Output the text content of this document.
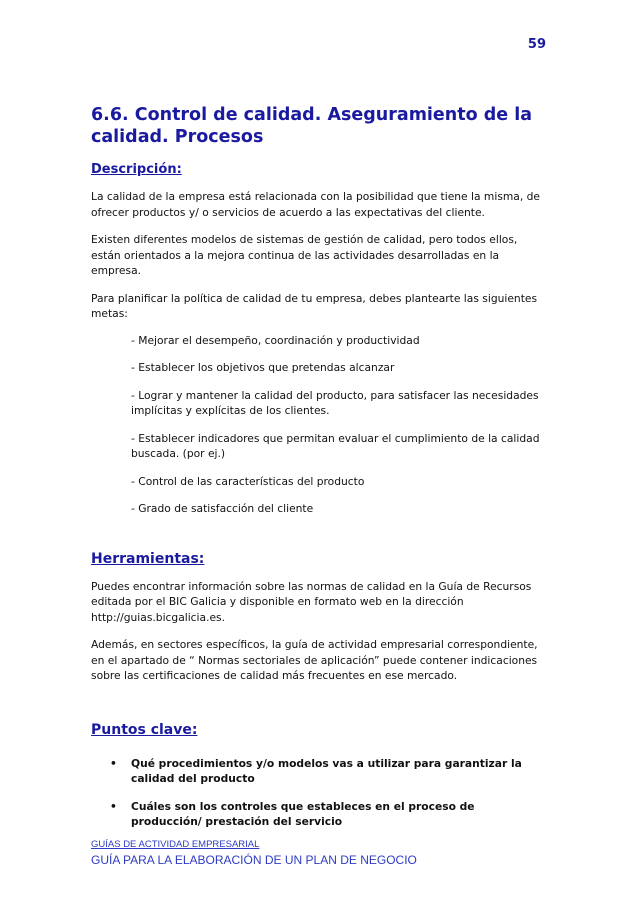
59
6.6. Control de calidad. Aseguramiento de la calidad. Procesos
Descripción:

La calidad de la empresa está relacionada con la posibilidad que tiene la misma, de ofrecer productos y/ o servicios de acuerdo a las expectativas del cliente.

Existen diferentes modelos de sistemas de gestión de calidad, pero todos ellos, están orientados a la mejora continua de las actividades desarrolladas en la empresa.

Para planificar la política de calidad de tu empresa, debes plantearte las siguientes metas:

- Mejorar el desempeño, coordinación y productividad

- Establecer los objetivos que pretendas alcanzar

- Lograr y mantener la calidad del producto, para satisfacer las necesidades implícitas y explícitas de los clientes.

- Establecer indicadores que permitan evaluar el cumplimiento de la calidad buscada. (por ej.)

- Control de las características del producto

- Grado de satisfacción del cliente

Herramientas:

Puedes encontrar información sobre las normas de calidad en la Guía de Recursos editada por el BIC Galicia y disponible en formato web en la dirección http://guias.bicgalicia.es.

Además, en sectores específicos, la guía de actividad empresarial correspondiente, en el apartado de “ Normas sectoriales de aplicación” puede contener indicaciones sobre las certificaciones de calidad más frecuentes en ese mercado.

Puntos clave:
• Qué procedimientos y/o modelos vas a utilizar para garantizar la calidad del producto
• Cuáles son los controles que estableces en el proceso de producción/ prestación del servicio
GUÍAS DE ACTIVIDAD EMPRESARIAL
GUÍA PARA LA ELABORACIÓN DE UN PLAN DE NEGOCIO
